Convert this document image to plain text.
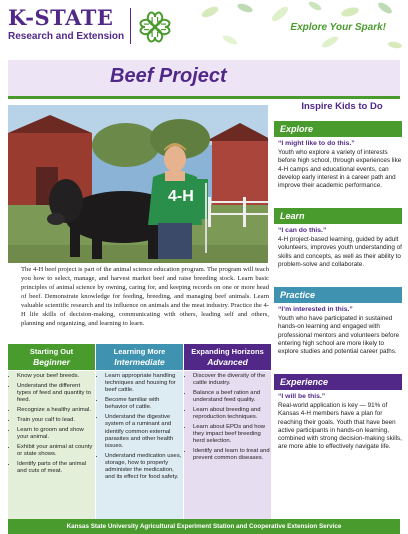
K-STATE
Research and Extension
Explore Your Spark!
Beef Project
4-H
The 4-H beef project is part of the animal science education program. The program will teach you how to select, manage, and harvest market beef and raise breeding stock. Learn basic principles of animal science by owning, caring for, and keeping records on one or more head of beef. Demonstrate knowledge for feeding, breeding, and managing beef animals. Learn valuable scientific research and its influence on animals and the meat industry. Practice the 4-H life skills of decision-making, communicating with others, leading self and others, planning and organizing, and learning to learn.
Inspire Kids to Do
Explore
“I might like to do this.”
Youth who explore a variety of interests before high school, through experiences like 4-H camps and educational events, can develop early interest in a career path and improve their academic performance.
Learn
“I can do this.”
4-H project-based learning, guided by adult volunteers, improves youth understanding of skills and concepts, as well as their ability to problem-solve and collaborate.
Practice
“I’m interested in this.”
Youth who have participated in sustained hands-on learning and engaged with professional mentors and volunteers before entering high school are more likely to explore studies and potential career paths.
Experience
“I will be this.”
Real-world application is key — 91% of Kansas 4-H members have a plan for reaching their goals. Youth that have been active participants in hands-on learning, combined with strong decision-making skills, are more able to effectively navigate life.
Starting Out
Beginner
• Know your beef breeds.
• Understand the different types of feed and quantity to feed.
• Recognize a healthy animal.
• Train your calf to lead.
• Learn to groom and show your animal.
• Exhibit your animal at county or state shows.
• Identify parts of the animal and cuts of meat.
Learning More
Intermediate
• Learn appropriate handling techniques and housing for beef cattle.
• Become familiar with behavior of cattle.
• Understand the digestive system of a ruminant and identify common external parasites and other health issues.
• Understand medication uses, storage, how to properly administer the medication, and its effect for food safety.
Expanding Horizons
Advanced
• Discover the diversity of the cattle industry.
• Balance a beef ration and understand feed quality.
• Learn about breeding and reproduction techniques.
• Learn about EPDs and how they impact beef breeding herd selection.
• Identify and learn to treat and prevent common diseases.
Kansas State University Agricultural Experiment Station and Cooperative Extension Service
